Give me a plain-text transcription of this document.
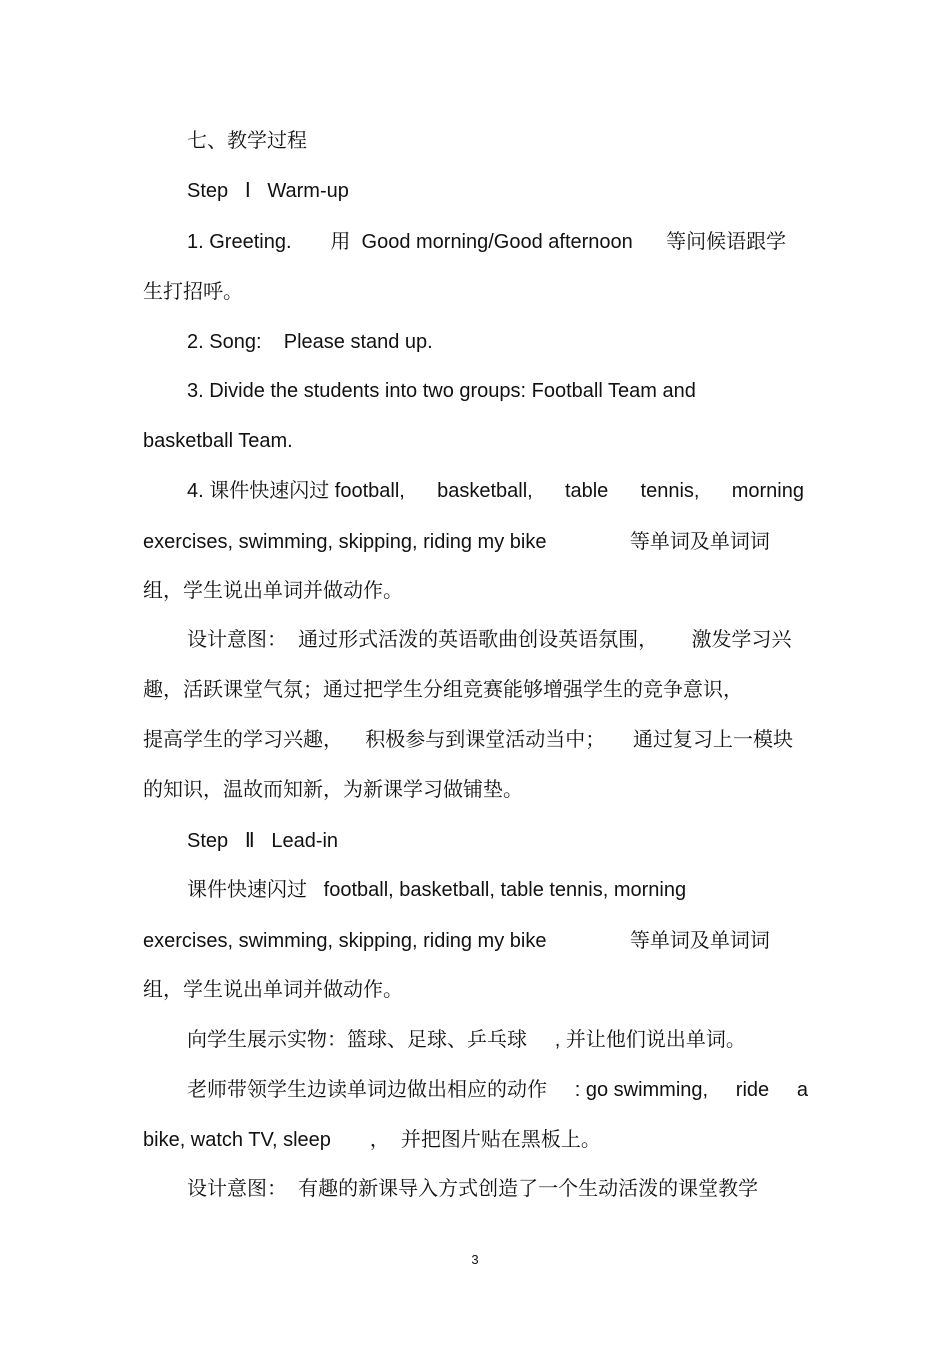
七、教学过程

Step   Ⅰ   Warm-up

1. Greeting.       用  Good morning/Good afternoon      等问候语跟学

生打招呼。

2. Song:    Please stand up.

3. Divide the students into two groups: Football Team and

basketball Team.

4. 课件快速闪过 football, basketball, table tennis, morning

exercises, swimming, skipping, riding my bike               等单词及单词词

组，学生说出单词并做动作。

设计意图：  通过形式活泼的英语歌曲创设英语氛围，      激发学习兴

趣，活跃课堂气氛；通过把学生分组竞赛能够增强学生的竞争意识，

提高学生的学习兴趣，    积极参与到课堂活动当中；     通过复习上一模块

的知识，温故而知新，为新课学习做铺垫。

Step   Ⅱ   Lead-in

课件快速闪过   football, basketball, table tennis, morning

exercises, swimming, skipping, riding my bike               等单词及单词词

组，学生说出单词并做动作。

向学生展示实物：篮球、足球、乒乓球     , 并让他们说出单词。

老师带领学生边读单词边做出相应的动作 : go swimming, ride a

bike, watch TV, sleep       ，  并把图片贴在黑板上。

设计意图：  有趣的新课导入方式创造了一个生动活泼的课堂教学

3
